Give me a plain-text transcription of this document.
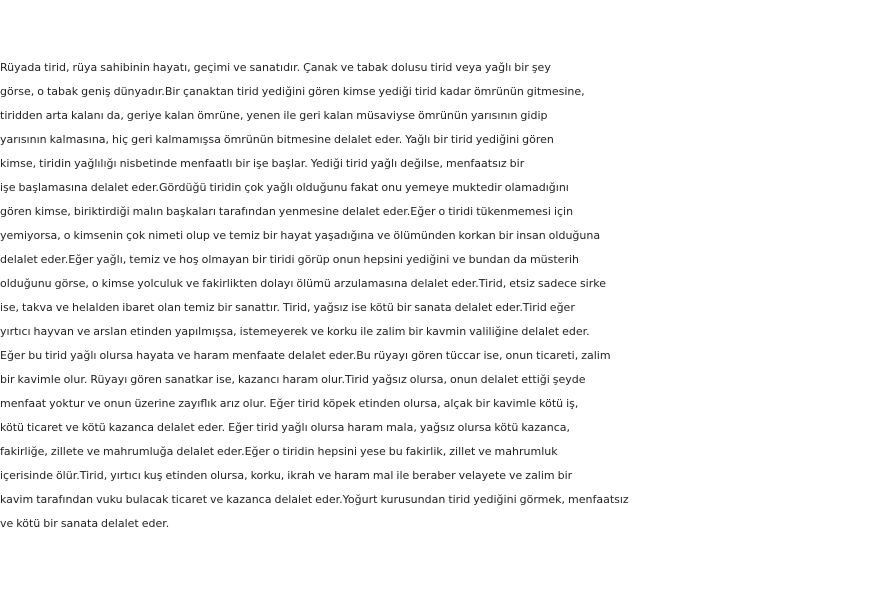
Rüyada tirid, rüya sahibinin hayatı, geçimi ve sanatıdır. Çanak ve tabak dolusu tirid veya yağlı bir şey
görse, o tabak geniş dünyadır.Bir çanaktan tirid yediğini gören kimse yediği tirid kadar ömrünün gitmesine,
tiridden arta kalanı da, geriye kalan ömrüne, yenen ile geri kalan müsaviyse ömrünün yarısının gidip
yarısının kalmasına, hiç geri kalmamışsa ömrünün bitmesine delalet eder. Yağlı bir tirid yediğini gören
kimse, tiridin yağlılığı nisbetinde menfaatlı bir işe başlar. Yediği tirid yağlı değilse, menfaatsız bir
işe başlamasına delalet eder.Gördüğü tiridin çok yağlı olduğunu fakat onu yemeye muktedir olamadığını
gören kimse, biriktirdiği malın başkaları tarafından yenmesine delalet eder.Eğer o tiridi tükenmemesi için
yemiyorsa, o kimsenin çok nimeti olup ve temiz bir hayat yaşadığına ve ölümünden korkan bir insan olduğuna
delalet eder.Eğer yağlı, temiz ve hoş olmayan bir tiridi görüp onun hepsini yediğini ve bundan da müsterih
olduğunu görse, o kimse yolculuk ve fakirlikten dolayı ölümü arzulamasına delalet eder.Tirid, etsiz sadece sirke
ise, takva ve helalden ibaret olan temiz bir sanattır. Tirid, yağsız ise kötü bir sanata delalet eder.Tirid eğer
yırtıcı hayvan ve arslan etinden yapılmışsa, istemeyerek ve korku ile zalim bir kavmin valiliğine delalet eder.
Eğer bu tirid yağlı olursa hayata ve haram menfaate delalet eder.Bu rüyayı gören tüccar ise, onun ticareti, zalim
bir kavimle olur. Rüyayı gören sanatkar ise, kazancı haram olur.Tirid yağsız olursa, onun delalet ettiği şeyde
menfaat yoktur ve onun üzerine zayıflık arız olur. Eğer tirid köpek etinden olursa, alçak bir kavimle kötü iş,
kötü ticaret ve kötü kazanca delalet eder. Eğer tirid yağlı olursa haram mala, yağsız olursa kötü kazanca,
fakirliğe, zillete ve mahrumluğa delalet eder.Eğer o tiridin hepsini yese bu fakirlik, zillet ve mahrumluk
içerisinde ölür.Tirid, yırtıcı kuş etinden olursa, korku, ikrah ve haram mal ile beraber velayete ve zalim bir
kavim tarafından vuku bulacak ticaret ve kazanca delalet eder.Yoğurt kurusundan tirid yediğini görmek, menfaatsız
ve kötü bir sanata delalet eder.
